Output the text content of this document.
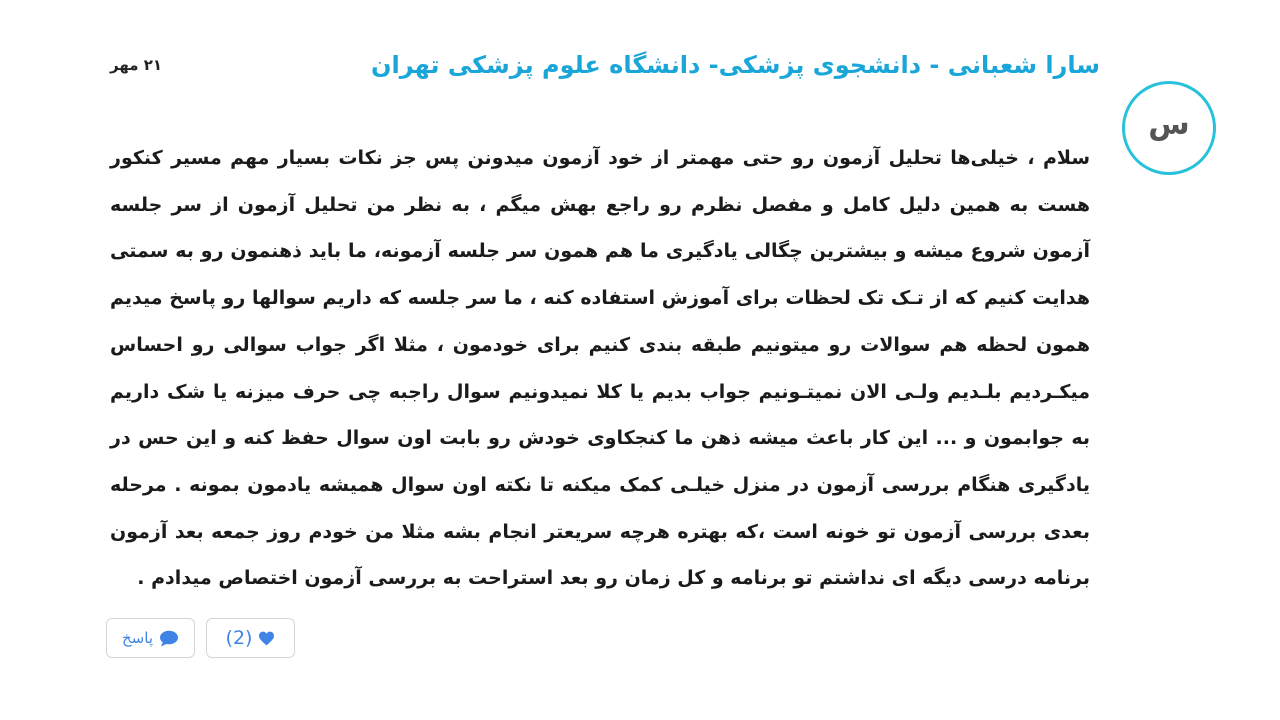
س
سارا شعبانی - دانشجوی پزشکی- دانشگاه علوم پزشکی تهران
۲۱ مهر

سلام ، خیلی‌ها تحلیل آزمون رو حتی مهمتر از خود آزمون میدونن پس جز نکات بسیار مهم مسیر کنکور هست به همین دلیل کامل و مفصل نظرم رو راجع بهش میگم ، به نظر من تحلیل آزمون از سر جلسه آزمون شروع میشه و بیشترین چگالی یادگیری ما هم همون سر جلسه آزمونه، ما باید ذهنمون رو به سمتی هدایت کنیم که از تـک تک لحظات برای آموزش استفاده کنه ، ما سر جلسه که داریم سوالها رو پاسخ میدیم همون لحظه هم سوالات رو میتونیم طبقه بندی کنیم برای خودمون ، مثلا اگر جواب سوالی رو احساس میکـردیم بلـدیم ولـی الان نمیتـونیم جواب بدیم یا کلا نمیدونیم سوال راجبه چی حرف میزنه یا شک داریم به جوابمون و ... این کار باعث میشه ذهن ما کنجکاوی خودش رو بابت اون سوال حفظ کنه و این حس در یادگیری هنگام بررسی آزمون در منزل خیلـی کمک میکنه تا نکته اون سوال همیشه یادمون بمونه . مرحله بعدی بررسی آزمون تو خونه است ،که بهتره هرچه سریعتر انجام بشه مثلا من خودم روز جمعه بعد آزمون برنامه درسی دیگه ای نداشتم تو برنامه و کل زمان رو بعد استراحت به بررسی آزمون اختصاص میدادم .

پاسخ	(2)
